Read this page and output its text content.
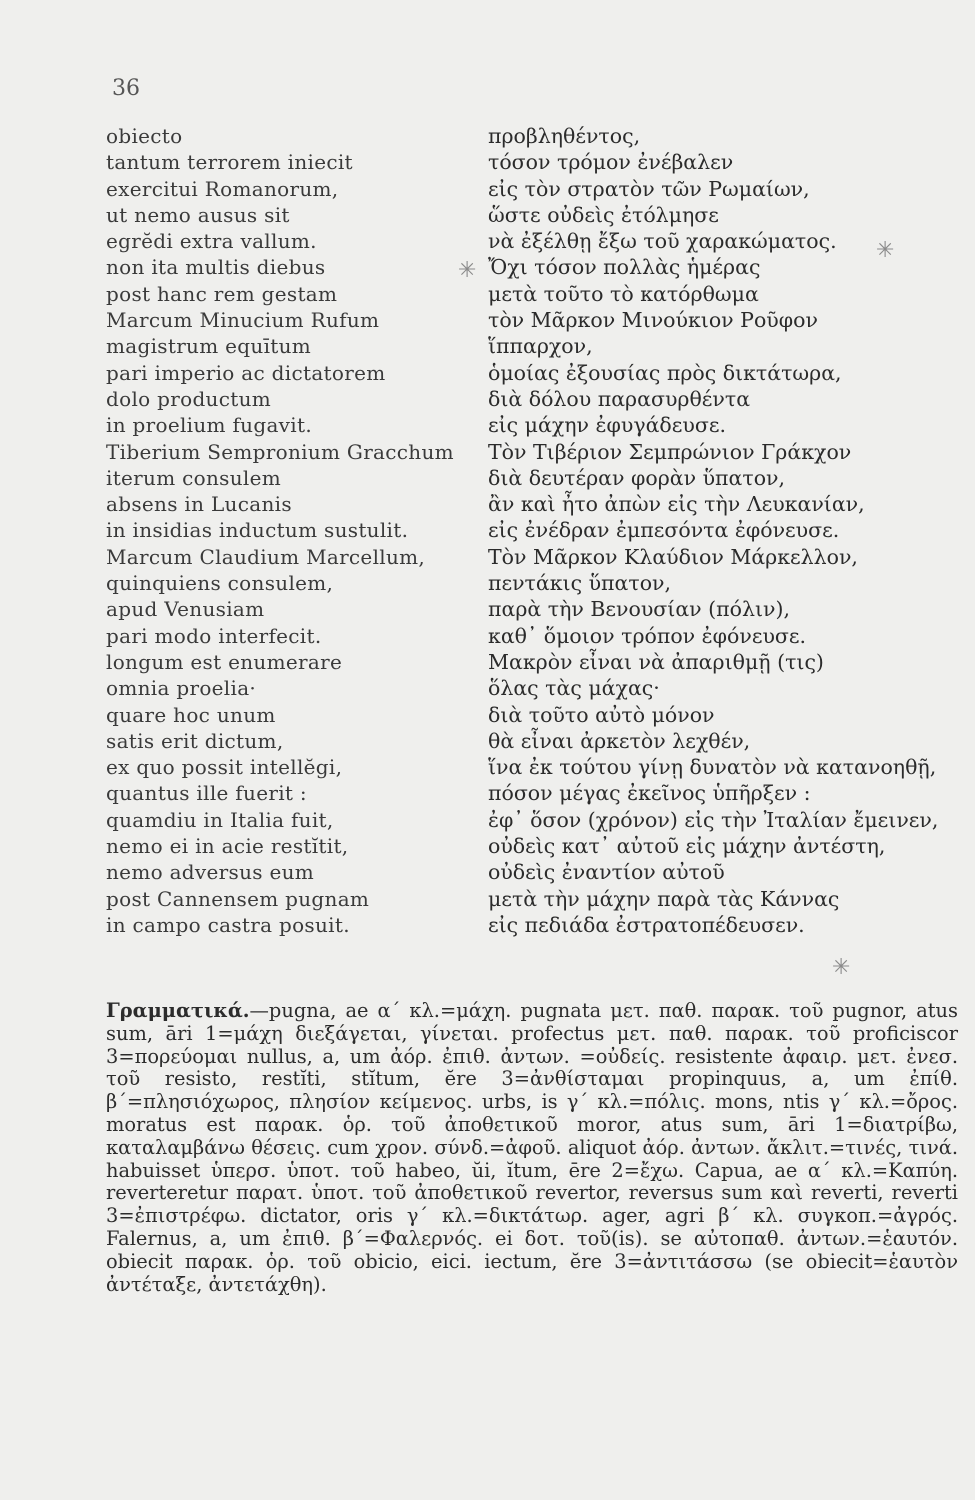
36
✳
✳
✳
obiecto	προβληθέντος,
tantum terrorem iniecit	τόσον τρόμον ἐνέβαλεν
exercitui Romanorum,	εἰς τὸν στρατὸν τῶν Ρωμαίων,
ut nemo ausus sit	ὥστε οὐδεὶς ἐτόλμησε
egrĕdi extra vallum.	νὰ ἐξέλθῃ ἔξω τοῦ χαρακώματος.
non ita multis diebus	Ὄχι τόσον πολλὰς ἡμέρας
post hanc rem gestam	μετὰ τοῦτο τὸ κατόρθωμα
Marcum Minucium Rufum	τὸν Μᾶρκον Μινούκιον Ροῦφον
magistrum equītum	ἵππαρχον,
pari imperio ac dictatorem	ὁμοίας ἐξουσίας πρὸς δικτάτωρα,
dolo productum	διὰ δόλου παρασυρθέντα
in proelium fugavit.	εἰς μάχην ἐφυγάδευσε.
Tiberium Sempronium Gracchum	Τὸν Τιβέριον Σεμπρώνιον Γράκχον
iterum consulem	διὰ δευτέραν φορὰν ὕπατον,
absens in Lucanis	ἂν καὶ ἦτο ἀπὼν εἰς τὴν Λευκανίαν,
in insidias inductum sustulit.	εἰς ἐνέδραν ἐμπεσόντα ἐφόνευσε.
Marcum Claudium Marcellum,	Τὸν Μᾶρκον Κλαύδιον Μάρκελλον,
quinquiens consulem,	πεντάκις ὕπατον,
apud Venusiam	παρὰ τὴν Βενουσίαν (πόλιν),
pari modo interfecit.	καθ᾽ ὅμοιον τρόπον ἐφόνευσε.
longum est enumerare	Μακρὸν εἶναι νὰ ἀπαριθμῇ (τις)
omnia proelia·	ὅλας τὰς μάχας·
quare hoc unum	διὰ τοῦτο αὐτὸ μόνον
satis erit dictum,	θὰ εἶναι ἀρκετὸν λεχθέν,
ex quo possit intellĕgi,	ἵνα ἐκ τούτου γίνῃ δυνατὸν νὰ κατανοηθῇ,
quantus ille fuerit :	πόσον μέγας ἐκεῖνος ὑπῆρξεν :
quamdiu in Italia fuit,	ἐφ᾽ ὅσον (χρόνον) εἰς τὴν Ἰταλίαν ἔμεινεν,
nemo ei in acie restĭtit,	οὐδεὶς κατ᾽ αὐτοῦ εἰς μάχην ἀντέστη,
nemo adversus eum	οὐδεὶς ἐναντίον αὐτοῦ
post Cannensem pugnam	μετὰ τὴν μάχην παρὰ τὰς Κάννας
in campo castra posuit.	εἰς πεδιάδα ἐστρατοπέδευσεν.
Γραμματικά.—pugna, ae α΄ κλ.=μάχη. pugnata μετ. παθ. παρακ. τοῦ pugnor, atus sum, āri 1=μάχη διεξάγεται, γίνεται. profectus μετ. παθ. παρακ. τοῦ proficiscor 3=πορεύομαι nullus, a, um ἀόρ. ἐπιθ. ἀντων. =οὐδείς. resistente ἀφαιρ. μετ. ἐνεσ. τοῦ resisto, restĭti, stĭtum, ĕre 3=ἀνθίσταμαι propinquus, a, um ἐπίθ. β΄=πλησιόχωρος, πλησίον κείμενος. urbs, is γ΄ κλ.=πόλις. mons, ntis γ΄ κλ.=ὄρος. moratus est παρακ. ὁρ. τοῦ ἀποθετικοῦ moror, atus sum, āri 1=διατρίβω, καταλαμβάνω θέσεις. cum χρον. σύνδ.=ἀφοῦ. aliquot ἀόρ. ἀντων. ἄκλιτ.=τινές, τινά. habuisset ὑπερσ. ὑποτ. τοῦ habeo, ŭi, ĭtum, ēre 2=ἔχω. Capua, ae α΄ κλ.=Καπύη. reverteretur παρατ. ὑποτ. τοῦ ἀποθετικοῦ revertor, reversus sum καὶ reverti, reverti 3=ἐπιστρέφω. dictator, oris γ΄ κλ.=δικτάτωρ. ager, agri β΄ κλ. συγκοπ.=ἀγρός. Falernus, a, um ἐπιθ. β΄=Φαλερνός. ei δοτ. τοῦ(is). se αὐτοπαθ. ἀντων.=ἑαυτόν. obiecit παρακ. ὁρ. τοῦ obicio, eici. iectum, ĕre 3=ἀντιτάσσω (se obiecit=ἑαυτὸν ἀντέταξε, ἀντετάχθη).
